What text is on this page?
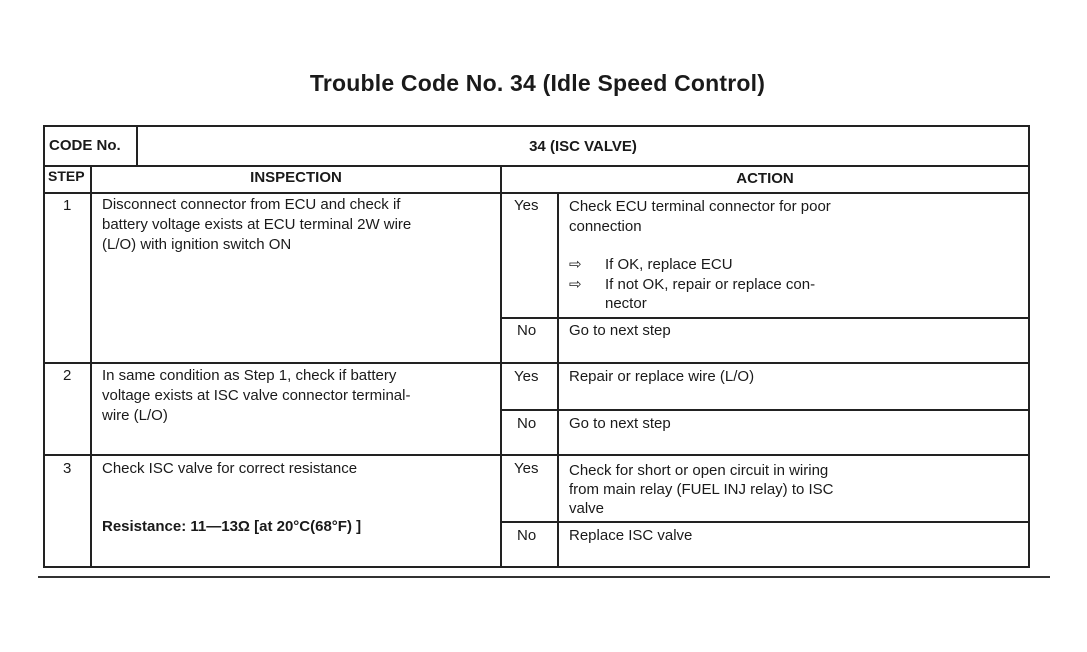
Trouble Code No. 34 (Idle Speed Control)
CODE No.	34 (ISC VALVE)
STEP	INSPECTION	ACTION
1 Disconnect connector from ECU and check if
battery voltage exists at ECU terminal 2W wire
(L/O) with ignition switch ON
Yes Check ECU terminal connector for poor
connection
⇨ If OK, replace ECU
⇨ If not OK, repair or replace con-
nector
No Go to next step
2 In same condition as Step 1, check if battery
voltage exists at ISC valve connector terminal-
wire (L/O)
Yes Repair or replace wire (L/O)
No Go to next step
3 Check ISC valve for correct resistance
Resistance: 11—13Ω [at 20°C(68°F) ]
Yes Check for short or open circuit in wiring
from main relay (FUEL INJ relay) to ISC
valve
No Replace ISC valve
